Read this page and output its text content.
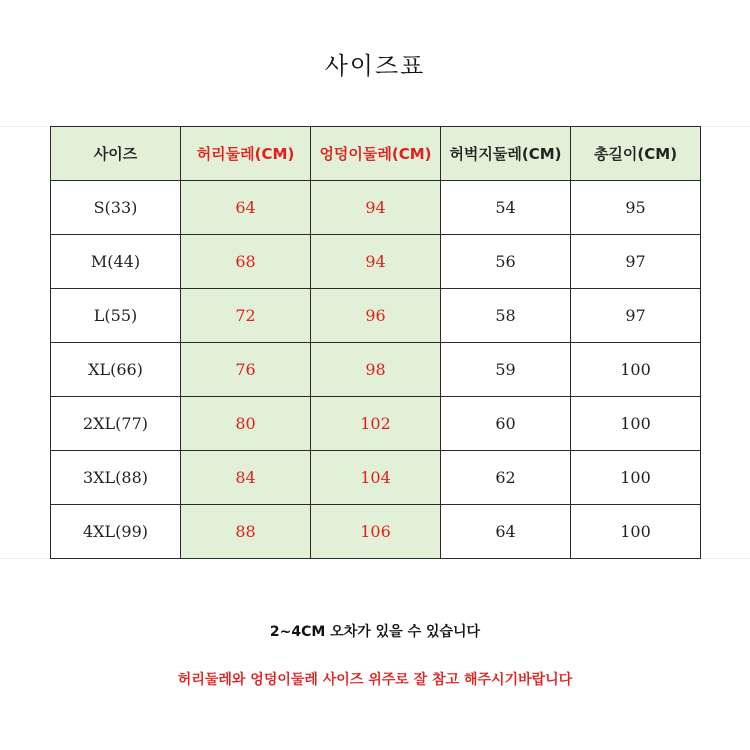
사이즈표
사이즈	허리둘레(CM)	엉덩이둘레(CM)	허벅지둘레(CM)	총길이(CM)
S(33)	64	94	54	95
M(44)	68	94	56	97
L(55)	72	96	58	97
XL(66)	76	98	59	100
2XL(77)	80	102	60	100
3XL(88)	84	104	62	100
4XL(99)	88	106	64	100
2~4CM 오차가 있을 수 있습니다
허리둘레와 엉덩이둘레 사이즈 위주로 잘 참고 해주시기바랍니다
